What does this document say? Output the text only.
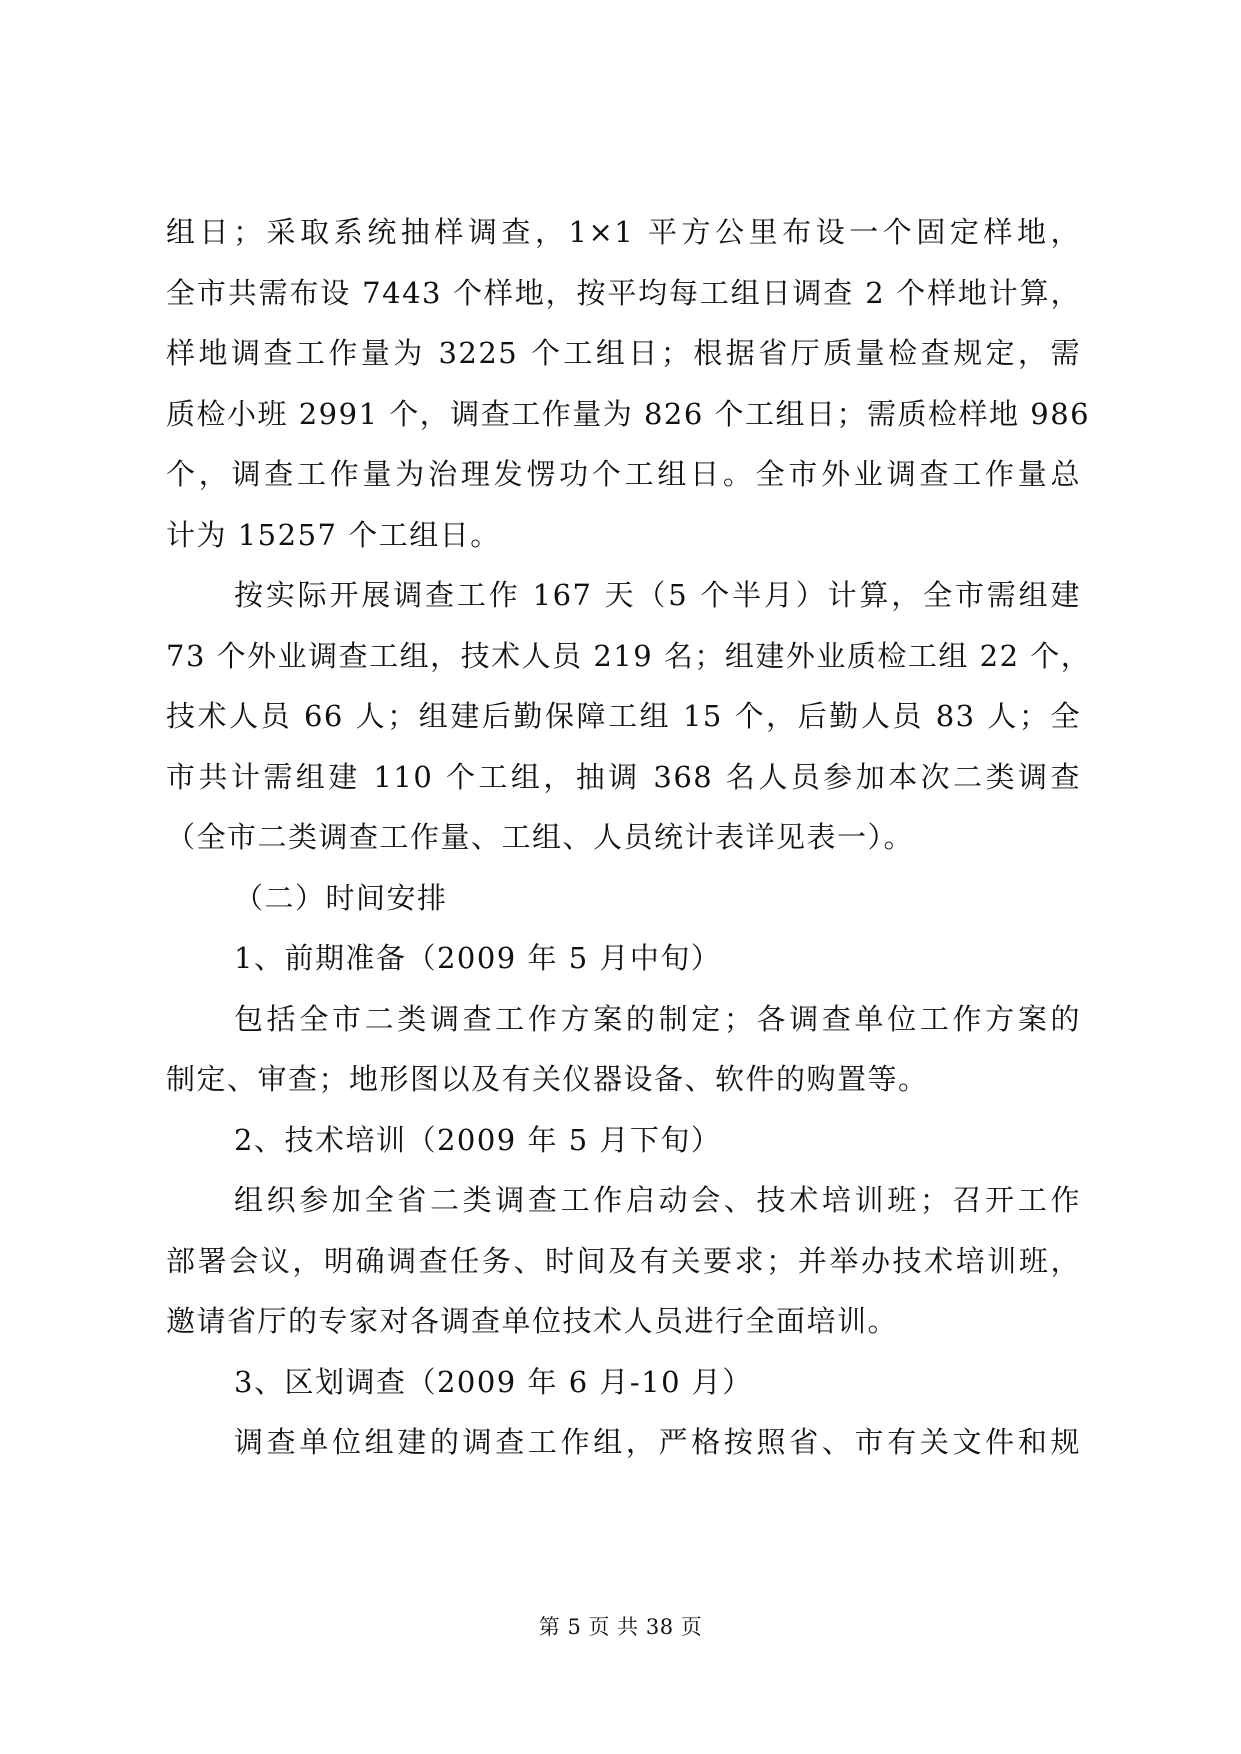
组日；采取系统抽样调查，1×1 平方公里布设一个固定样地，
全市共需布设 7443 个样地，按平均每工组日调查 2 个样地计算，
样地调查工作量为 3225 个工组日；根据省厅质量检查规定，需
质检小班 2991 个，调查工作量为 826 个工组日；需质检样地 986
个，调查工作量为治理发愣功个工组日。全市外业调查工作量总
计为 15257 个工组日。
按实际开展调查工作 167 天（5 个半月）计算，全市需组建
73 个外业调查工组，技术人员 219 名；组建外业质检工组 22 个，
技术人员 66 人；组建后勤保障工组 15 个，后勤人员 83 人；全
市共计需组建 110 个工组，抽调 368 名人员参加本次二类调查
（全市二类调查工作量、工组、人员统计表详见表一）。
（二）时间安排
1、前期准备（2009 年 5 月中旬）
包括全市二类调查工作方案的制定；各调查单位工作方案的
制定、审查；地形图以及有关仪器设备、软件的购置等。
2、技术培训（2009 年 5 月下旬）
组织参加全省二类调查工作启动会、技术培训班；召开工作
部署会议，明确调查任务、时间及有关要求；并举办技术培训班，
邀请省厅的专家对各调查单位技术人员进行全面培训。
3、区划调查（2009 年 6 月-10 月）
调查单位组建的调查工作组，严格按照省、市有关文件和规
第 5 页 共 38 页
